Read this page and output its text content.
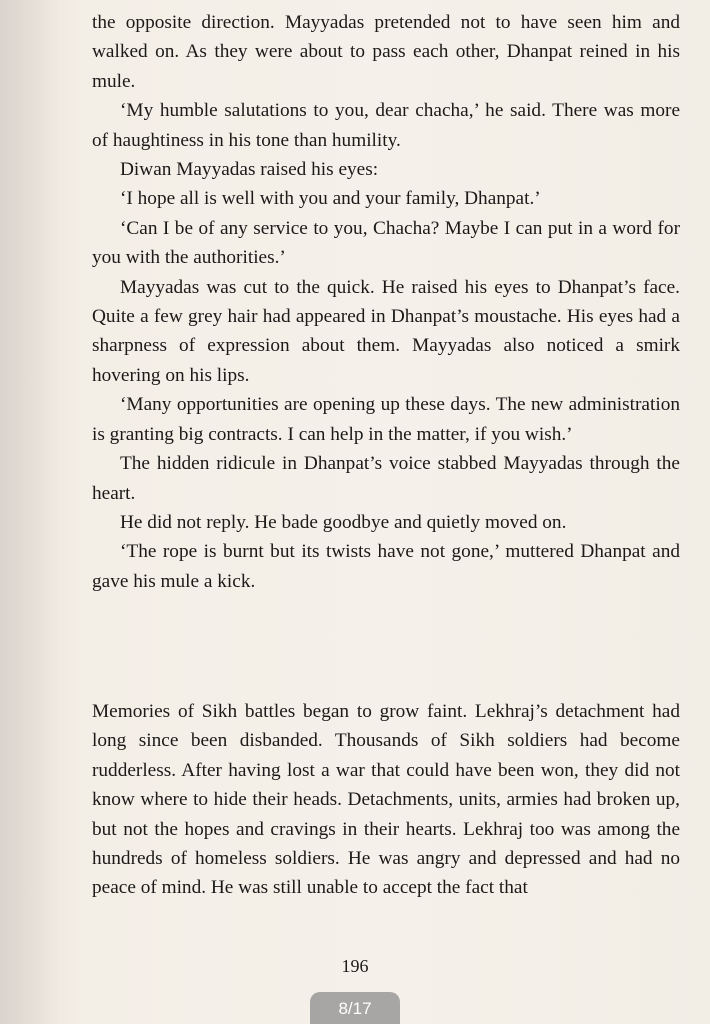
the opposite direction. Mayyadas pretended not to have seen him and walked on. As they were about to pass each other, Dhanpat reined in his mule.

‘My humble salutations to you, dear chacha,’ he said. There was more of haughtiness in his tone than humility.

Diwan Mayyadas raised his eyes:

‘I hope all is well with you and your family, Dhanpat.’

‘Can I be of any service to you, Chacha? Maybe I can put in a word for you with the authorities.’

Mayyadas was cut to the quick. He raised his eyes to Dhanpat’s face. Quite a few grey hair had appeared in Dhanpat’s moustache. His eyes had a sharpness of expression about them. Mayyadas also noticed a smirk hovering on his lips.

‘Many opportunities are opening up these days. The new administration is granting big contracts. I can help in the matter, if you wish.’

The hidden ridicule in Dhanpat’s voice stabbed Mayyadas through the heart.

He did not reply. He bade goodbye and quietly moved on.

‘The rope is burnt but its twists have not gone,’ muttered Dhanpat and gave his mule a kick.

Memories of Sikh battles began to grow faint. Lekhraj’s detachment had long since been disbanded. Thousands of Sikh soldiers had become rudderless. After having lost a war that could have been won, they did not know where to hide their heads. Detachments, units, armies had broken up, but not the hopes and cravings in their hearts. Lekhraj too was among the hundreds of homeless soldiers. He was angry and depressed and had no peace of mind. He was still unable to accept the fact that

196
8/17
